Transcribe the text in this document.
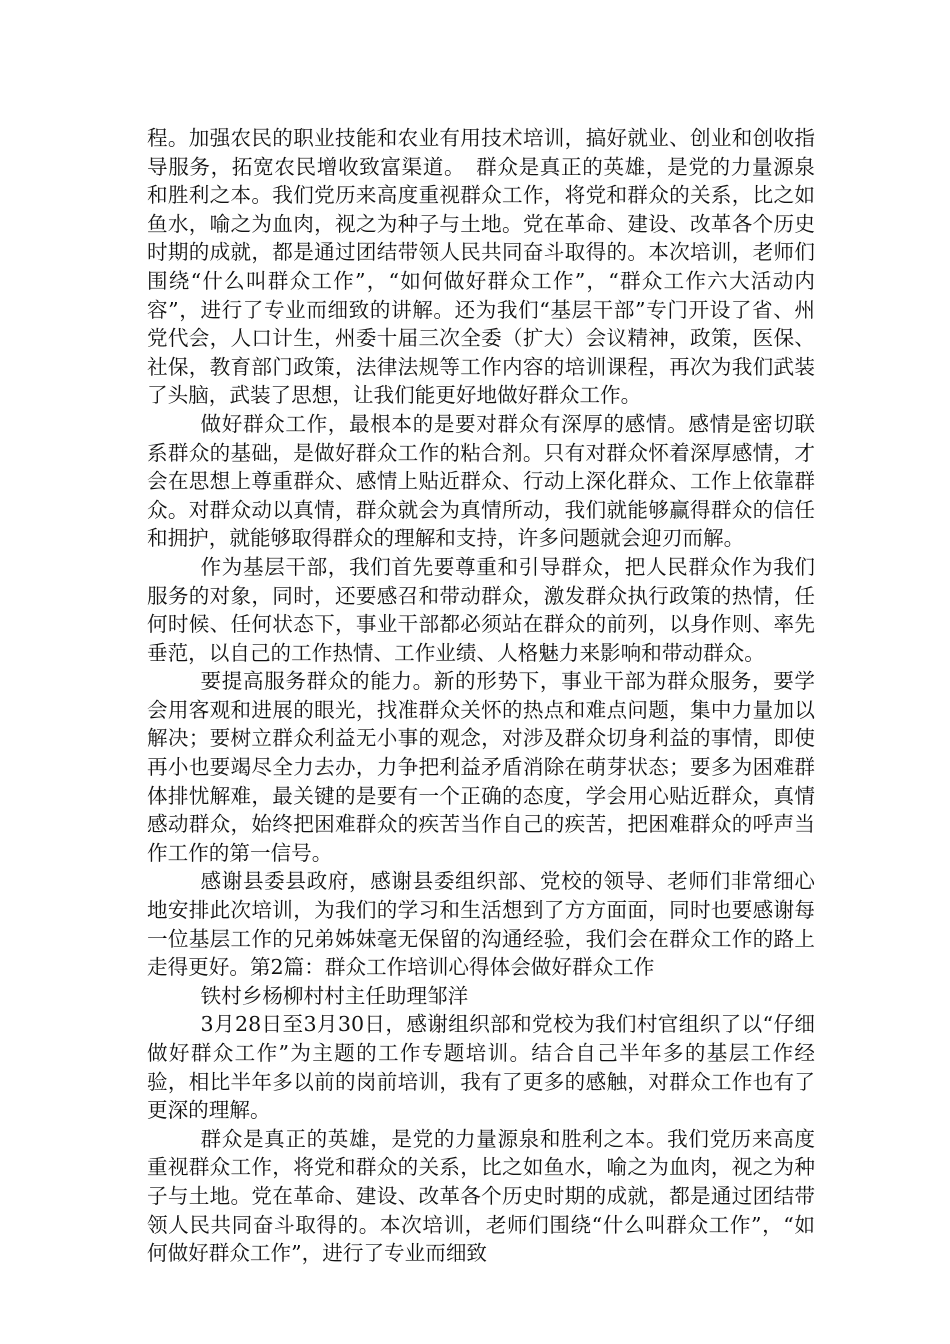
程。加强农民的职业技能和农业有用技术培训，搞好就业、创业和创收指导服务，拓宽农民增收致富渠道。　群众是真正的英雄，是党的力量源泉和胜利之本。我们党历来高度重视群众工作，将党和群众的关系，比之如鱼水，喻之为血肉，视之为种子与土地。党在革命、建设、改革各个历史时期的成就，都是通过团结带领人民共同奋斗取得的。本次培训，老师们围绕“什么叫群众工作”，“如何做好群众工作”，“群众工作六大活动内容”，进行了专业而细致的讲解。还为我们“基层干部”专门开设了省、州党代会，人口计生，州委十届三次全委（扩大）会议精神，政策，医保、社保，教育部门政策，法律法规等工作内容的培训课程，再次为我们武装了头脑，武装了思想，让我们能更好地做好群众工作。

做好群众工作，最根本的是要对群众有深厚的感情。感情是密切联系群众的基础，是做好群众工作的粘合剂。只有对群众怀着深厚感情，才会在思想上尊重群众、感情上贴近群众、行动上深化群众、工作上依靠群众。对群众动以真情，群众就会为真情所动，我们就能够赢得群众的信任和拥护，就能够取得群众的理解和支持，许多问题就会迎刃而解。

作为基层干部，我们首先要尊重和引导群众，把人民群众作为我们服务的对象，同时，还要感召和带动群众，激发群众执行政策的热情，任何时候、任何状态下，事业干部都必须站在群众的前列，以身作则、率先垂范，以自己的工作热情、工作业绩、人格魅力来影响和带动群众。

要提高服务群众的能力。新的形势下，事业干部为群众服务，要学会用客观和进展的眼光，找准群众关怀的热点和难点问题，集中力量加以解决；要树立群众利益无小事的观念，对涉及群众切身利益的事情，即使再小也要竭尽全力去办，力争把利益矛盾消除在萌芽状态；要多为困难群体排忧解难，最关键的是要有一个正确的态度，学会用心贴近群众，真情感动群众，始终把困难群众的疾苦当作自己的疾苦，把困难群众的呼声当作工作的第一信号。

感谢县委县政府，感谢县委组织部、党校的领导、老师们非常细心地安排此次培训，为我们的学习和生活想到了方方面面，同时也要感谢每一位基层工作的兄弟姊妹毫无保留的沟通经验，我们会在群众工作的路上走得更好。第2篇：群众工作培训心得体会做好群众工作

铁村乡杨柳村村主任助理邹洋

3月28日至3月30日，感谢组织部和党校为我们村官组织了以“仔细做好群众工作”为主题的工作专题培训。结合自己半年多的基层工作经验，相比半年多以前的岗前培训，我有了更多的感触，对群众工作也有了更深的理解。

群众是真正的英雄，是党的力量源泉和胜利之本。我们党历来高度重视群众工作，将党和群众的关系，比之如鱼水，喻之为血肉，视之为种子与土地。党在革命、建设、改革各个历史时期的成就，都是通过团结带领人民共同奋斗取得的。本次培训，老师们围绕“什么叫群众工作”，“如何做好群众工作”，进行了专业而细致
